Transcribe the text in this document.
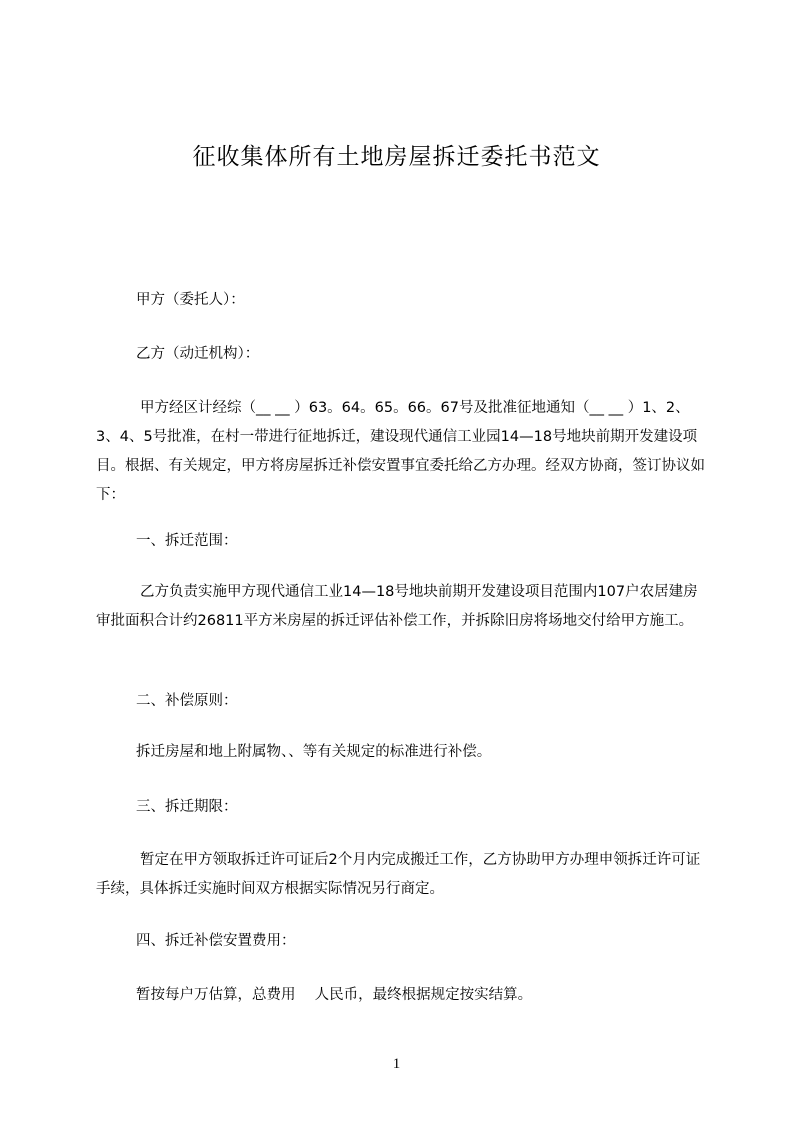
征收集体所有土地房屋拆迁委托书范文

甲方（委托人）：

乙方（动迁机构）：

甲方经区计经综（__ __ ）63。64。65。66。67号及批准征地通知（__ __ ）1、2、3、4、5号批准，在村一带进行征地拆迁，建设现代通信工业园14—18号地块前期开发建设项目。根据、有关规定，甲方将房屋拆迁补偿安置事宜委托给乙方办理。经双方协商，签订协议如下：

一、拆迁范围：

乙方负责实施甲方现代通信工业14—18号地块前期开发建设项目范围内107户农居建房审批面积合计约26811平方米房屋的拆迁评估补偿工作，并拆除旧房将场地交付给甲方施工。

二、补偿原则：

拆迁房屋和地上附属物、、等有关规定的标准进行补偿。

三、拆迁期限：

暂定在甲方领取拆迁许可证后2个月内完成搬迁工作，乙方协助甲方办理申领拆迁许可证手续，具体拆迁实施时间双方根据实际情况另行商定。

四、拆迁补偿安置费用：

暂按每户万估算，总费用　 人民币，最终根据规定按实结算。

1
